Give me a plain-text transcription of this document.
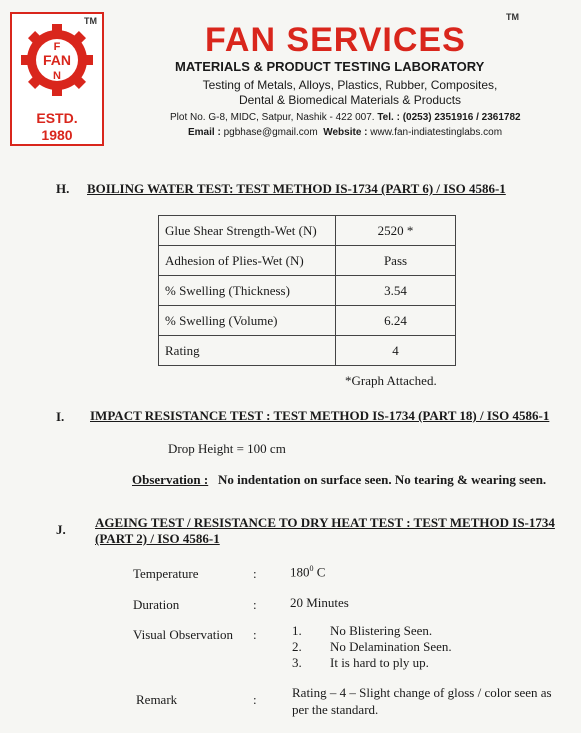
TM
F
FAN
N
ESTD.
1980
FAN SERVICES
TM
MATERIALS & PRODUCT TESTING LABORATORY
Testing of Metals, Alloys, Plastics, Rubber, Composites,
Dental & Biomedical Materials & Products
Plot No. G-8, MIDC, Satpur, Nashik - 422 007. Tel. : (0253) 2351916 / 2361782
Email : pgbhase@gmail.com Website : www.fan-indiatestinglabs.com
H. BOILING WATER TEST: TEST METHOD IS-1734 (PART 6) / ISO 4586-1
Glue Shear Strength-Wet (N)	2520 *
Adhesion of Plies-Wet (N)	Pass
% Swelling (Thickness)	3.54
% Swelling (Volume)	6.24
Rating	4
*Graph Attached.
I. IMPACT RESISTANCE TEST : TEST METHOD IS-1734 (PART 18) / ISO 4586-1
Drop Height = 100 cm
Observation : No indentation on surface seen. No tearing & wearing seen.
J. AGEING TEST / RESISTANCE TO DRY HEAT TEST : TEST METHOD IS-1734
(PART 2) / ISO 4586-1
Temperature	:	$180^0$ C
Duration	:	20 Minutes
Visual Observation :	1. No Blistering Seen.
2. No Delamination Seen.
3. It is hard to ply up.
Remark	:	Rating – 4 – Slight change of gloss / color seen as
per the standard.
